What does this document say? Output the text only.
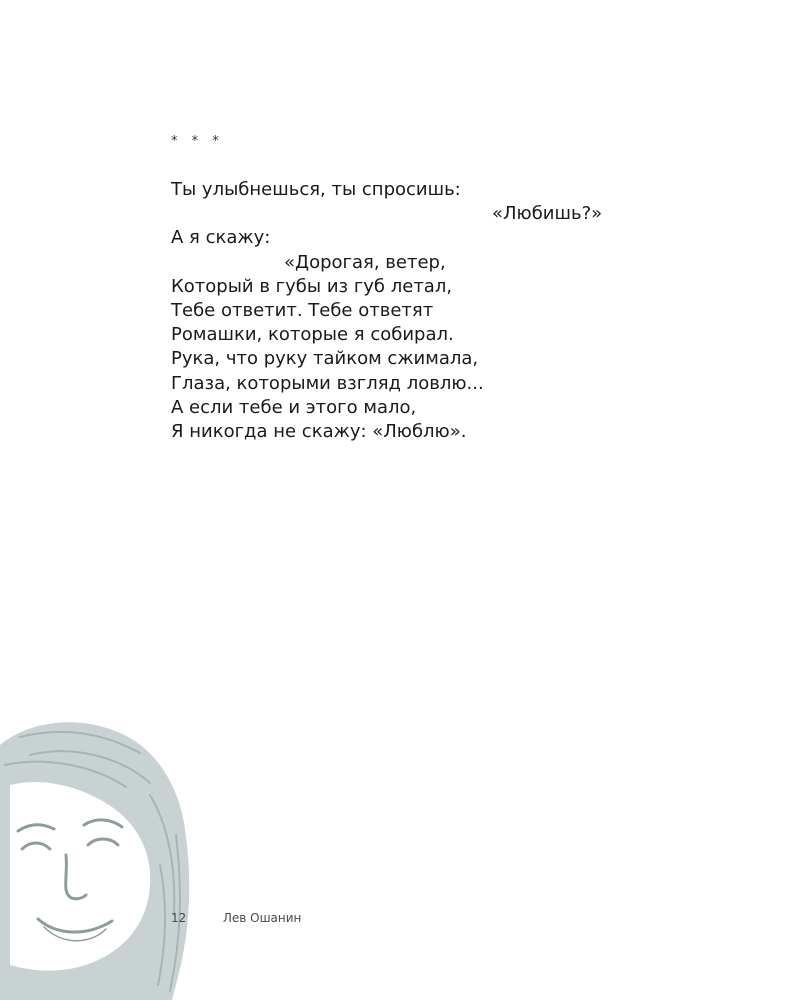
* * *
Ты улыбнешься, ты спросишь:
«Любишь?»
А я скажу:
«Дорогая, ветер,
Который в губы из губ летал,
Тебе ответит. Тебе ответят
Ромашки, которые я собирал.
Рука, что руку тайком сжимала,
Глаза, которыми взгляд ловлю...
А если тебе и этого мало,
Я никогда не скажу: «Люблю».
12	Лев Ошанин
